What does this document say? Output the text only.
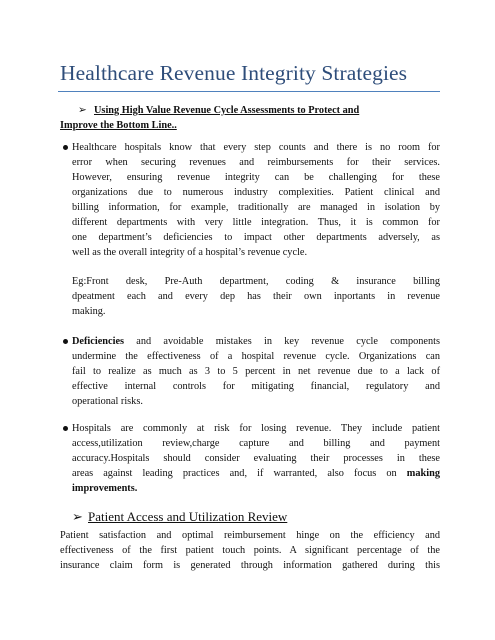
Healthcare Revenue Integrity Strategies
➢ Using High Value Revenue Cycle Assessments to Protect and
Improve the Bottom Line..
Healthcare hospitals know that every step counts and there is no room for
error when securing revenues and reimbursements for their services.
However, ensuring revenue integrity can be challenging for these
organizations due to numerous industry complexities. Patient clinical and
billing information, for example, traditionally are managed in isolation by
different departments with very little integration. Thus, it is common for
one department’s deficiencies to impact other departments adversely, as
well as the overall integrity of a hospital’s revenue cycle.
Eg:Front desk, Pre-Auth department, coding & insurance billing
dpeatment each and every dep has their own inportants in revenue
making.
Deficiencies and avoidable mistakes in key revenue cycle components
undermine the effectiveness of a hospital revenue cycle. Organizations can
fail to realize as much as 3 to 5 percent in net revenue due to a lack of
effective internal controls for mitigating financial, regulatory and
operational risks.
Hospitals are commonly at risk for losing revenue. They include patient
access,utilization review,charge capture and billing and payment
accuracy.Hospitals should consider evaluating their processes in these
areas against leading practices and, if warranted, also focus on making
improvements.
➢ Patient Access and Utilization Review
Patient satisfaction and optimal reimbursement hinge on the efficiency and
effectiveness of the first patient touch points. A significant percentage of the
insurance claim form is generated through information gathered during this
